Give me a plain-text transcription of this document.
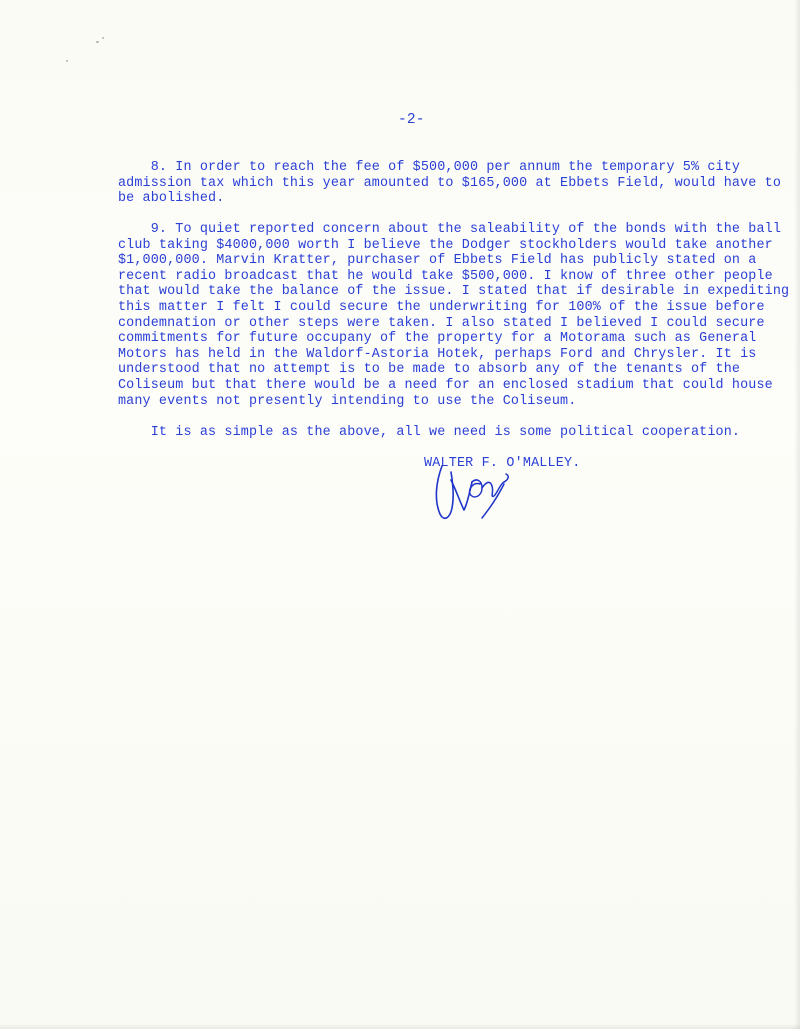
-2-

8. In order to reach the fee of $500,000 per annum the temporary 5% city
admission tax which this year amounted to $165,000 at Ebbets Field, would have to
be abolished.

9. To quiet reported concern about the saleability of the bonds with the ball
club taking $4000,000 worth I believe the Dodger stockholders would take another
$1,000,000. Marvin Kratter, purchaser of Ebbets Field has publicly stated on a
recent radio broadcast that he would take $500,000. I know of three other people
that would take the balance of the issue. I stated that if desirable in expediting
this matter I felt I could secure the underwriting for 100% of the issue before
condemnation or other steps were taken. I also stated I believed I could secure
commitments for future occupany of the property for a Motorama such as General
Motors has held in the Waldorf-Astoria Hotek, perhaps Ford and Chrysler. It is
understood that no attempt is to be made to absorb any of the tenants of the
Coliseum but that there would be a need for an enclosed stadium that could house
many events not presently intending to use the Coliseum.

It is as simple as the above, all we need is some political cooperation.

WALTER F. O'MALLEY.
